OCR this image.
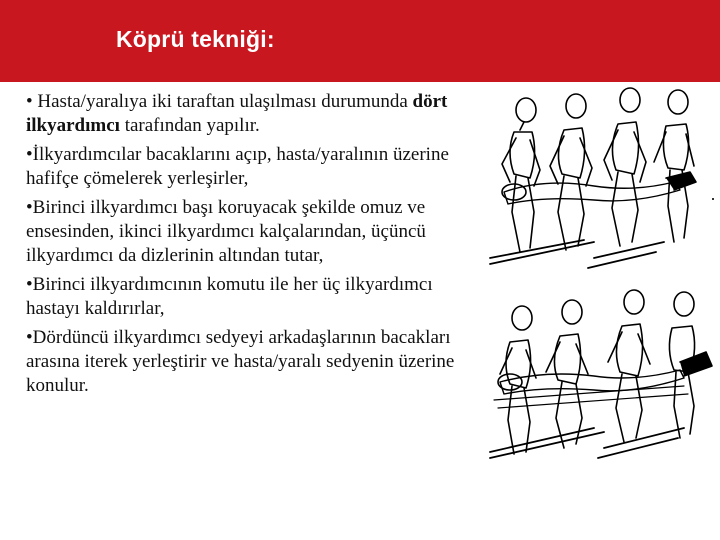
Köprü tekniği:
• Hasta/yaralıya iki taraftan ulaşılması durumunda dört ilkyardımcı tarafından yapılır.
•İlkyardımcılar bacaklarını açıp, hasta/yaralının üzerine hafifçe çömelerek yerleşirler,
•Birinci ilkyardımcı başı koruyacak şekilde omuz ve ensesinden, ikinci ilkyardımcı kalçalarından, üçüncü ilkyardımcı da dizlerinin altından tutar,
•Birinci ilkyardımcının komutu ile her üç ilkyardımcı hastayı kaldırırlar,
•Dördüncü ilkyardımcı sedyeyi arkadaşlarının bacakları arasına iterek yerleştirir ve hasta/yaralı sedyenin üzerine konulur.
